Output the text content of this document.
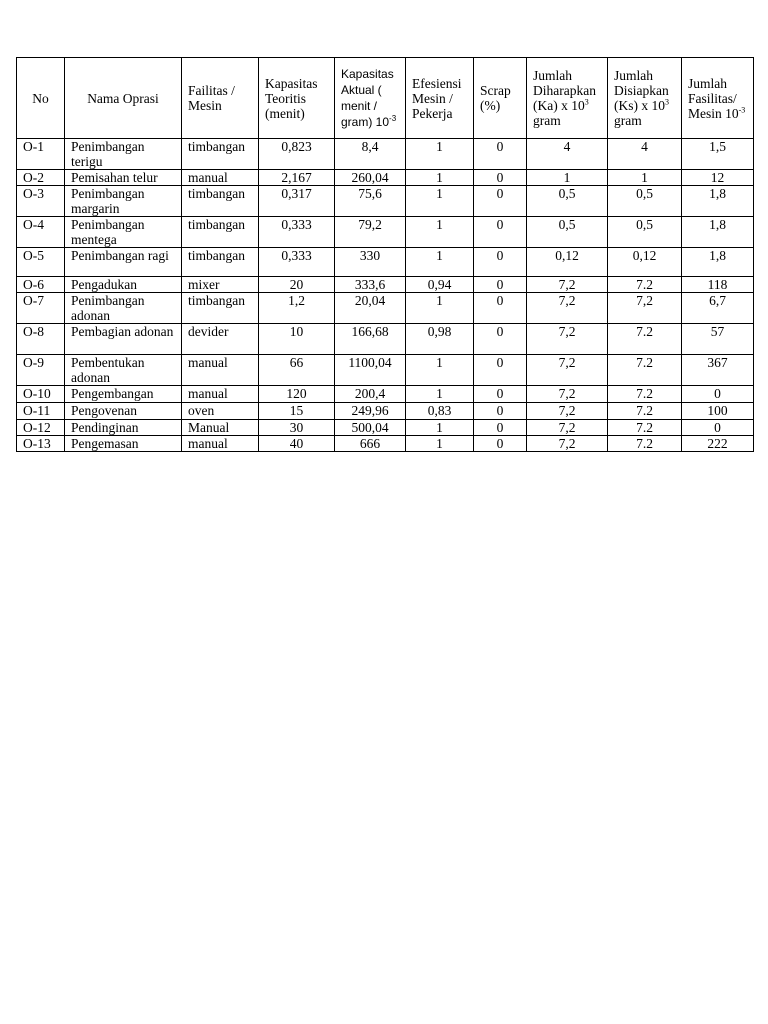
No	Nama Oprasi	Failitas / Mesin	Kapasitas Teoritis (menit)	Kapasitas Aktual ( menit / gram) $10^{-3}$	Efesiensi Mesin / Pekerja	Scrap (%)	Jumlah Diharapkan (Ka) x $10^3$ gram	Jumlah Disiapkan (Ks) x $10^3$ gram	Jumlah Fasilitas/ Mesin $10^{-3}$
O-1	Penimbangan terigu	timbangan	0,823	8,4	1	0	4	4	1,5
O-2	Pemisahan telur	manual	2,167	260,04	1	0	1	1	12
O-3	Penimbangan margarin	timbangan	0,317	75,6	1	0	0,5	0,5	1,8
O-4	Penimbangan mentega	timbangan	0,333	79,2	1	0	0,5	0,5	1,8
O-5	Penimbangan ragi	timbangan	0,333	330	1	0	0,12	0,12	1,8
O-6	Pengadukan	mixer	20	333,6	0,94	0	7,2	7.2	118
O-7	Penimbangan adonan	timbangan	1,2	20,04	1	0	7,2	7,2	6,7
O-8	Pembagian adonan	devider	10	166,68	0,98	0	7,2	7.2	57
O-9	Pembentukan adonan	manual	66	1100,04	1	0	7,2	7.2	367
O-10	Pengembangan	manual	120	200,4	1	0	7,2	7.2	0
O-11	Pengovenan	oven	15	249,96	0,83	0	7,2	7.2	100
O-12	Pendinginan	Manual	30	500,04	1	0	7,2	7.2	0
O-13	Pengemasan	manual	40	666	1	0	7,2	7.2	222
